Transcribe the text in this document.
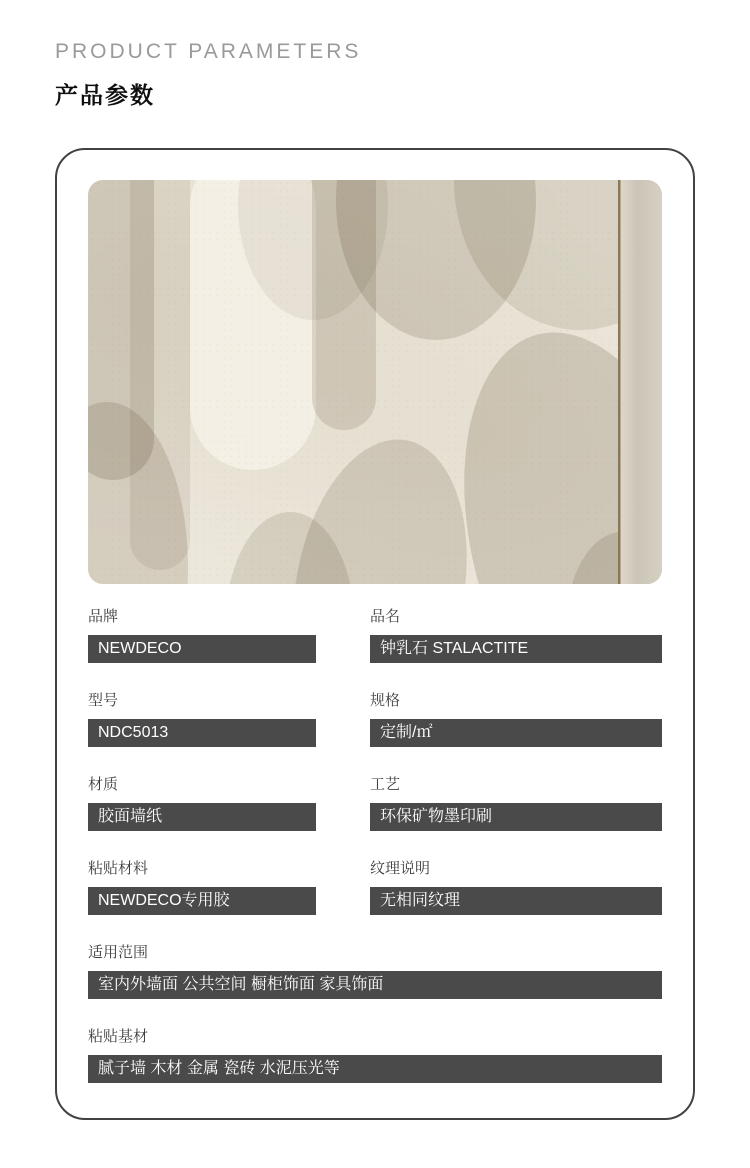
PRODUCT PARAMETERS
产品参数
品牌
NEWDECO
品名
钟乳石 STALACTITE
型号
NDC5013
规格
定制/㎡
材质
胶面墙纸
工艺
环保矿物墨印刷
粘贴材料
NEWDECO专用胶
纹理说明
无相同纹理
适用范围
室内外墙面 公共空间 橱柜饰面 家具饰面
粘贴基材
腻子墙 木材 金属 瓷砖 水泥压光等
